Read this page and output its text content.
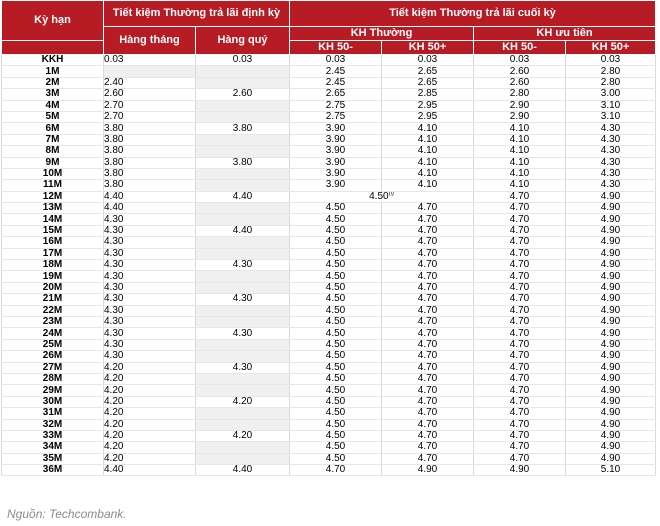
Kỳ hạn	Tiết kiệm Thường trả lãi định kỳ		Tiết kiệm Thường trả lãi cuối kỳ			
	Hàng tháng	Hàng quý	KH Thường		KH ưu tiên	
			KH 50-	KH 50+	KH 50-	KH 50+
KKH	0.03	0.03	0.03	0.03	0.03	0.03
1M			2.45	2.65	2.60	2.80
2M	2.40		2.45	2.65	2.60	2.80
3M	2.60	2.60	2.65	2.85	2.80	3.00
4M	2.70		2.75	2.95	2.90	3.10
5M	2.70		2.75	2.95	2.90	3.10
6M	3.80	3.80	3.90	4.10	4.10	4.30
7M	3.80		3.90	4.10	4.10	4.30
8M	3.80		3.90	4.10	4.10	4.30
9M	3.80	3.80	3.90	4.10	4.10	4.30
10M	3.80		3.90	4.10	4.10	4.30
11M	3.80		3.90	4.10	4.10	4.30
12M	4.40	4.40	4.50$^{(i)}$		4.70	4.90
13M	4.40		4.50	4.70	4.70	4.90
14M	4.30		4.50	4.70	4.70	4.90
15M	4.30	4.40	4.50	4.70	4.70	4.90
16M	4.30		4.50	4.70	4.70	4.90
17M	4.30		4.50	4.70	4.70	4.90
18M	4.30	4.30	4.50	4.70	4.70	4.90
19M	4.30		4.50	4.70	4.70	4.90
20M	4.30		4.50	4.70	4.70	4.90
21M	4.30	4.30	4.50	4.70	4.70	4.90
22M	4.30		4.50	4.70	4.70	4.90
23M	4.30		4.50	4.70	4.70	4.90
24M	4.30	4.30	4.50	4.70	4.70	4.90
25M	4.30		4.50	4.70	4.70	4.90
26M	4.30		4.50	4.70	4.70	4.90
27M	4.20	4.30	4.50	4.70	4.70	4.90
28M	4.20		4.50	4.70	4.70	4.90
29M	4.20		4.50	4.70	4.70	4.90
30M	4.20	4.20	4.50	4.70	4.70	4.90
31M	4.20		4.50	4.70	4.70	4.90
32M	4.20		4.50	4.70	4.70	4.90
33M	4.20	4.20	4.50	4.70	4.70	4.90
34M	4.20		4.50	4.70	4.70	4.90
35M	4.20		4.50	4.70	4.70	4.90
36M	4.40	4.40	4.70	4.90	4.90	5.10
Nguồn: Techcombank.
